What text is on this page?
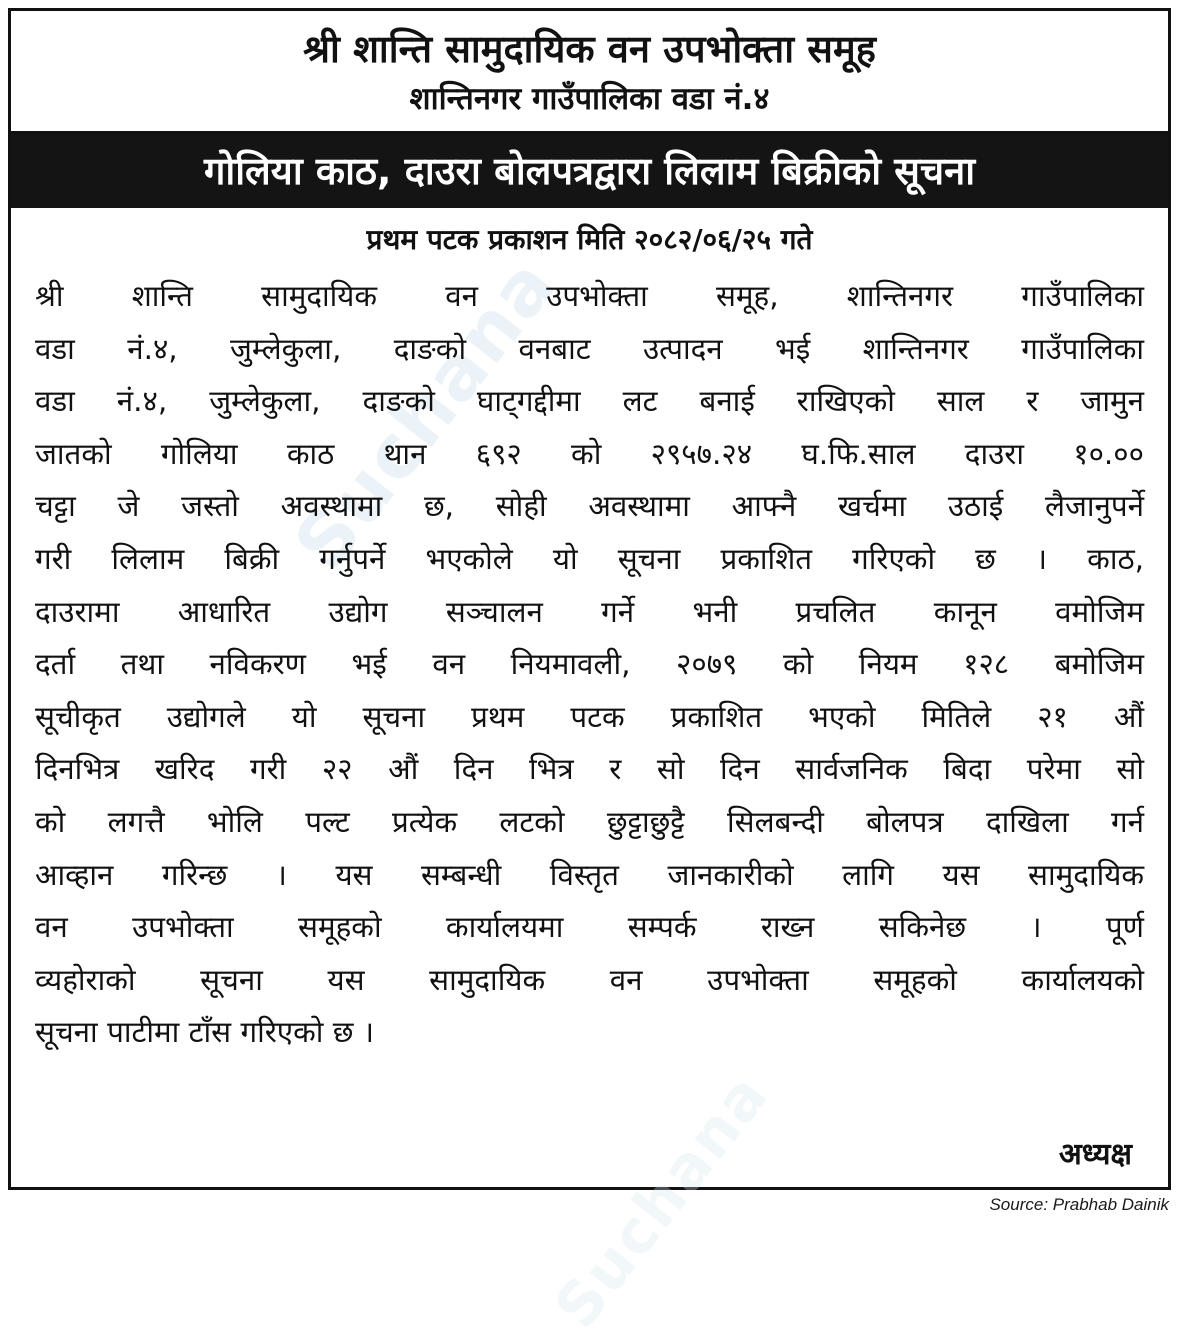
Suchana
Suchana
श्री शान्ति सामुदायिक वन उपभोक्ता समूह
शान्तिनगर गाउँपालिका वडा नं.४
गोलिया काठ, दाउरा बोलपत्रद्वारा लिलाम बिक्रीको सूचना
प्रथम पटक प्रकाशन मिति २०८२/०६/२५ गते
श्री शान्ति सामुदायिक वन उपभोक्ता समूह, शान्तिनगर गाउँपालिका
वडा नं.४, जुम्लेकुला, दाङको वनबाट उत्पादन भई शान्तिनगर गाउँपालिका
वडा नं.४, जुम्लेकुला, दाङको घाट्गद्दीमा लट बनाई राखिएको साल र जामुन
जातको गोलिया काठ थान ६९२ को २९५७.२४ घ.फि.साल दाउरा १०.००
चट्टा जे जस्तो अवस्थामा छ, सोही अवस्थामा आफ्नै खर्चमा उठाई लैजानुपर्ने
गरी लिलाम बिक्री गर्नुपर्ने भएकोले यो सूचना प्रकाशित गरिएको छ । काठ,
दाउरामा आधारित उद्योग सञ्चालन गर्ने भनी प्रचलित कानून वमोजिम
दर्ता तथा नविकरण भई वन नियमावली, २०७९ को नियम १२८ बमोजिम
सूचीकृत उद्योगले यो सूचना प्रथम पटक प्रकाशित भएको मितिले २१ औं
दिनभित्र खरिद गरी २२ औं दिन भित्र र सो दिन सार्वजनिक बिदा परेमा सो
को लगत्तै भोलि पल्ट प्रत्येक लटको छुट्टाछुट्टै सिलबन्दी बोलपत्र दाखिला गर्न
आव्हान गरिन्छ । यस सम्बन्धी विस्तृत जानकारीको लागि यस सामुदायिक
वन उपभोक्ता समूहको कार्यालयमा सम्पर्क राख्न सकिनेछ । पूर्ण
व्यहोराको सूचना यस सामुदायिक वन उपभोक्ता समूहको कार्यालयको
सूचना पाटीमा टाँस गरिएको छ ।
अध्यक्ष
Source: Prabhab Dainik
